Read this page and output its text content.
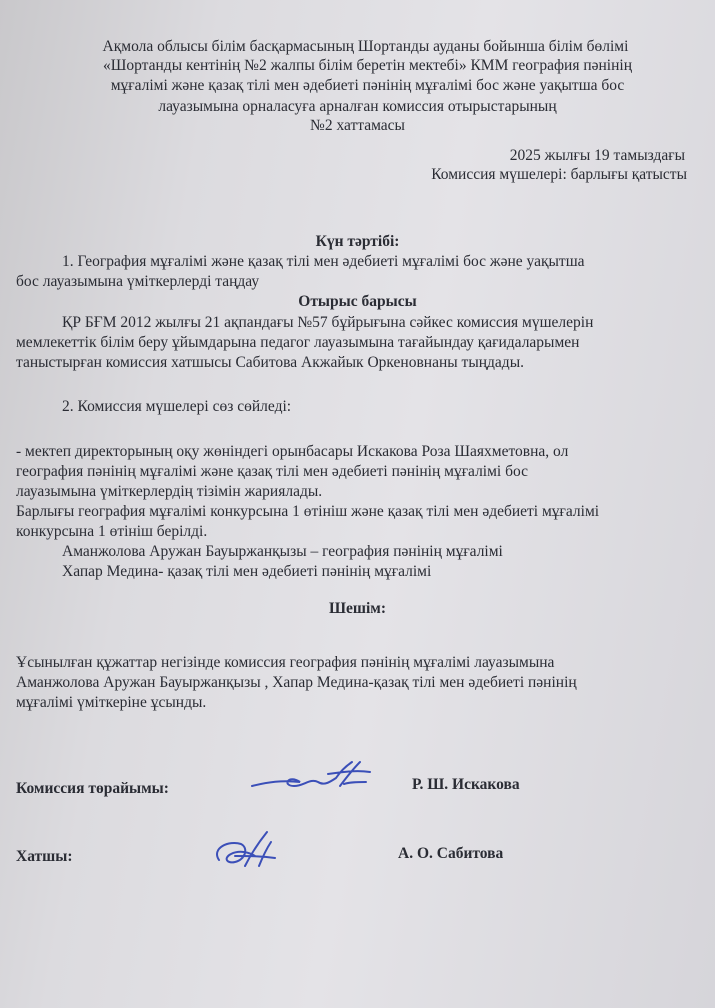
Ақмола облысы білім басқармасының Шортанды ауданы бойынша білім бөлімі
«Шортанды кентінің №2 жалпы білім беретін мектебі» КММ география пәнінің
мұғалімі және қазақ тілі мен әдебиеті пәнінің мұғалімі бос және уақытша бос
лауазымына орналасуға арналған комиссия отырыстарының
№2 хаттамасы
2025 жылғы 19 тамыздағы
Комиссия мүшелері: барлығы қатысты
Күн тәртібі:
1. География мұғалімі және қазақ тілі мен әдебиеті мұғалімі бос және уақытша
бос лауазымына үміткерлерді таңдау
Отырыс барысы
ҚР БҒМ 2012 жылғы 21 ақпандағы №57 бұйрығына сәйкес комиссия мүшелерін
мемлекеттік білім беру ұйымдарына педагог лауазымына тағайындау қағидаларымен
таныстырған комиссия хатшысы Сабитова Акжайык Оркеновнаны тыңдады.
2. Комиссия мүшелері сөз сөйледі:
- мектеп директорының оқу жөніндегі орынбасары Искакова Роза Шаяхметовна, ол
география пәнінің мұғалімі және қазақ тілі мен әдебиеті пәнінің мұғалімі бос
лауазымына үміткерлердің тізімін жариялады.
Барлығы география мұғалімі конкурсына 1 өтініш және қазақ тілі мен әдебиеті мұғалімі
конкурсына 1 өтініш берілді.
Аманжолова Аружан Бауыржанқызы – география пәнінің мұғалімі
Хапар Медина- қазақ тілі мен әдебиеті пәнінің мұғалімі
Шешім:
Ұсынылған құжаттар негізінде комиссия география пәнінің мұғалімі лауазымына
Аманжолова Аружан Бауыржанқызы , Хапар Медина-қазақ тілі мен әдебиеті пәнінің
мұғалімі үміткеріне ұсынды.
Комиссия төрайымы:	Р. Ш. Искакова
Хатшы:	А. О. Сабитова
